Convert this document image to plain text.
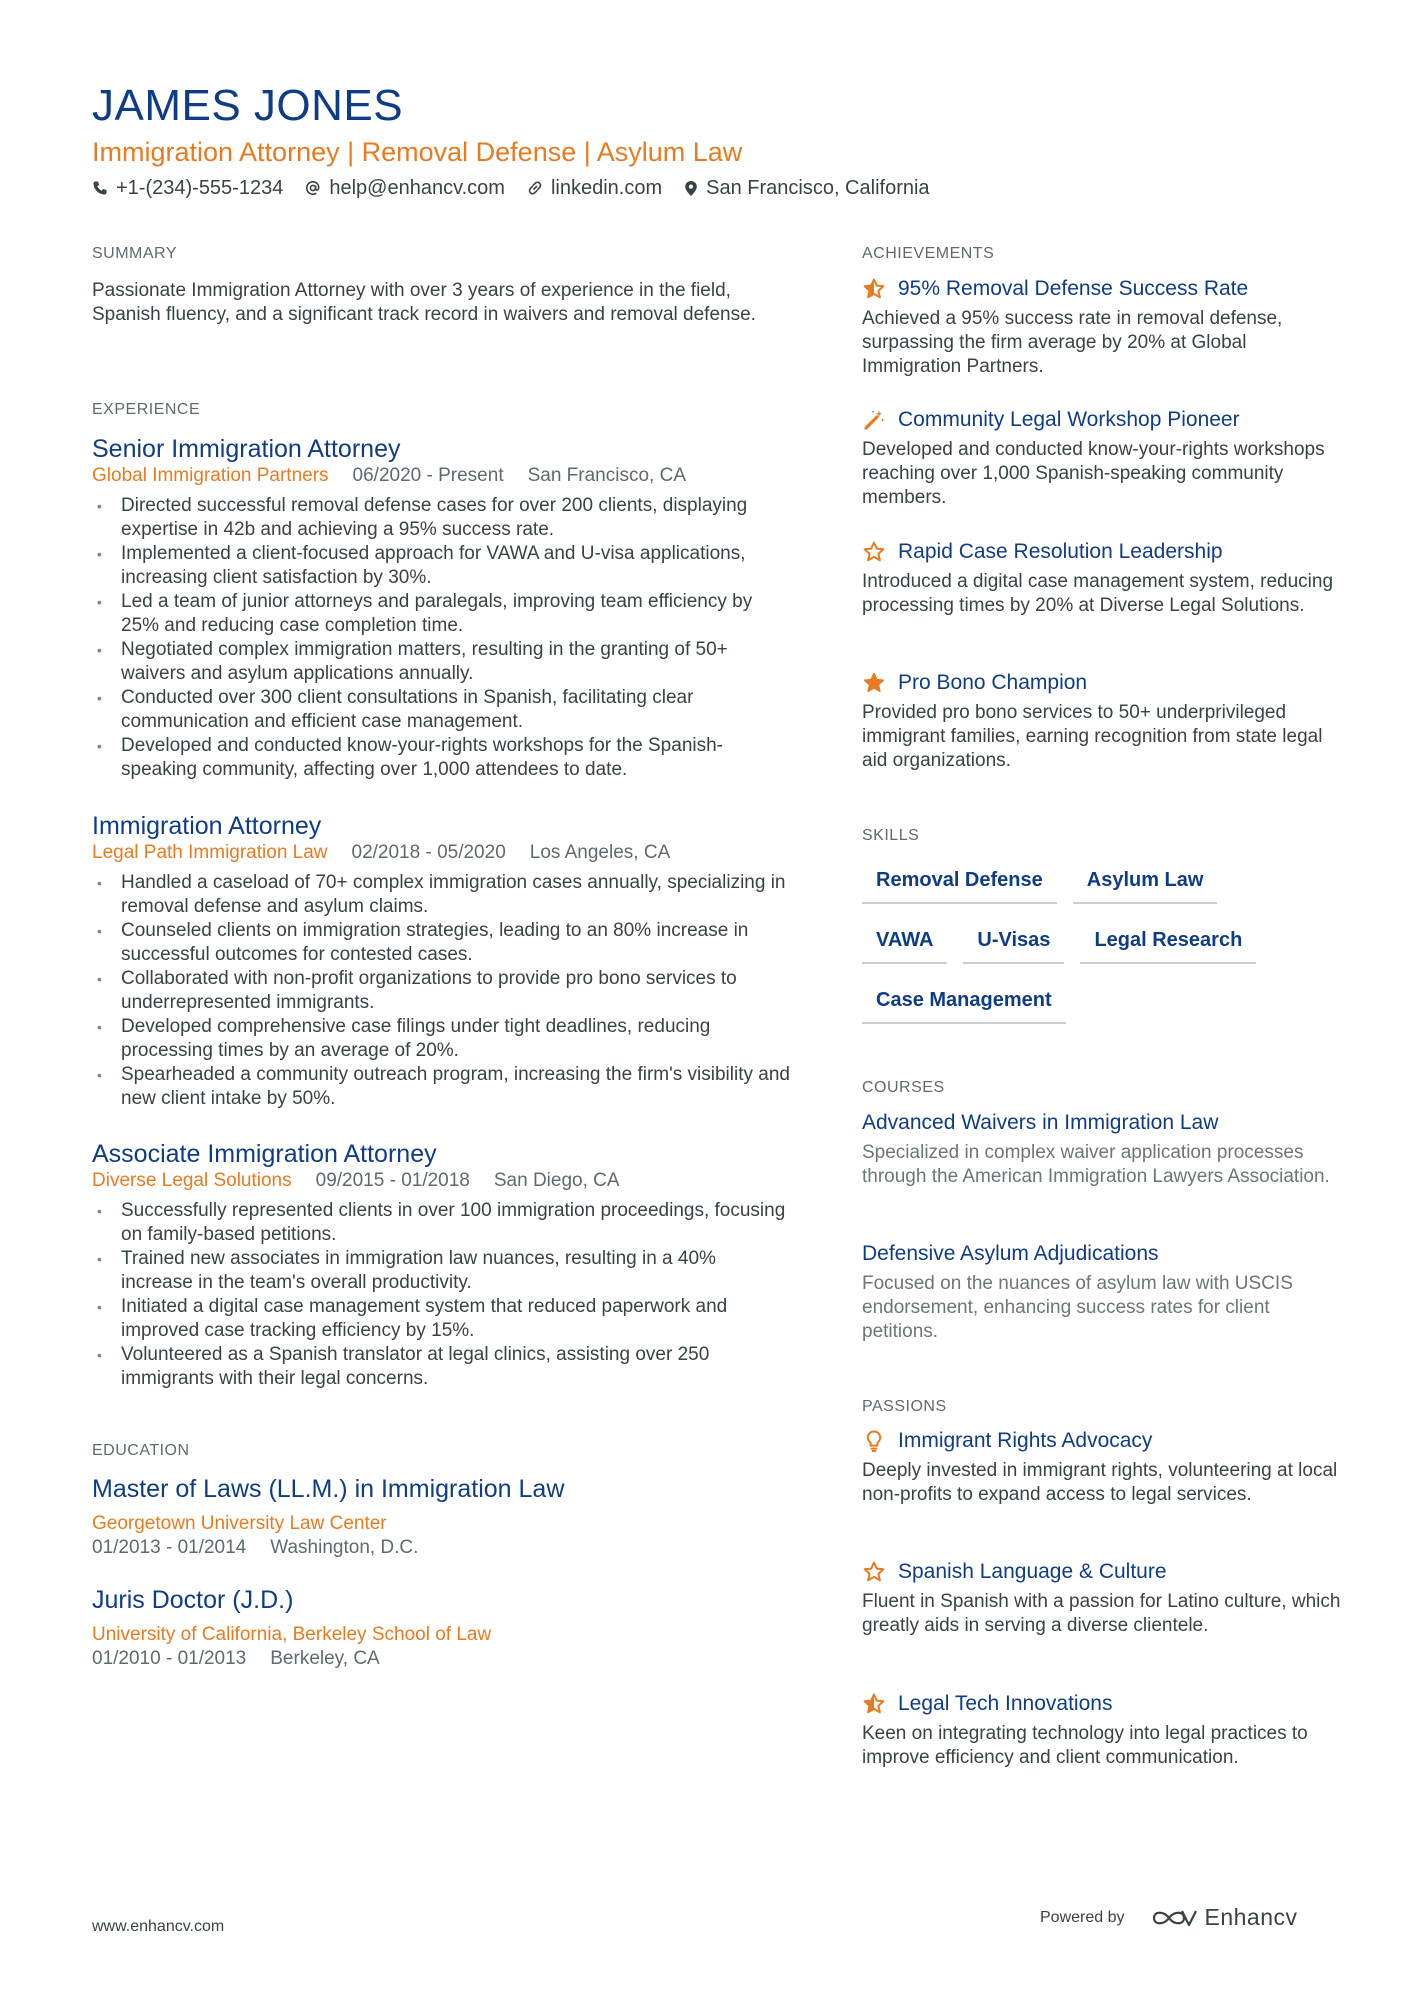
JAMES JONES
Immigration Attorney | Removal Defense | Asylum Law
+1-(234)-555-1234 help@enhancv.com linkedin.com San Francisco, California
SUMMARY
Passionate Immigration Attorney with over 3 years of experience in the field, Spanish fluency, and a significant track record in waivers and removal defense.
EXPERIENCE
Senior Immigration Attorney
Global Immigration Partners 06/2020 - Present San Francisco, CA
• Directed successful removal defense cases for over 200 clients, displaying expertise in 42b and achieving a 95% success rate.
• Implemented a client-focused approach for VAWA and U-visa applications, increasing client satisfaction by 30%.
• Led a team of junior attorneys and paralegals, improving team efficiency by 25% and reducing case completion time.
• Negotiated complex immigration matters, resulting in the granting of 50+ waivers and asylum applications annually.
• Conducted over 300 client consultations in Spanish, facilitating clear communication and efficient case management.
• Developed and conducted know-your-rights workshops for the Spanish-speaking community, affecting over 1,000 attendees to date.
Immigration Attorney
Legal Path Immigration Law 02/2018 - 05/2020 Los Angeles, CA
• Handled a caseload of 70+ complex immigration cases annually, specializing in removal defense and asylum claims.
• Counseled clients on immigration strategies, leading to an 80% increase in successful outcomes for contested cases.
• Collaborated with non-profit organizations to provide pro bono services to underrepresented immigrants.
• Developed comprehensive case filings under tight deadlines, reducing processing times by an average of 20%.
• Spearheaded a community outreach program, increasing the firm's visibility and new client intake by 50%.
Associate Immigration Attorney
Diverse Legal Solutions 09/2015 - 01/2018 San Diego, CA
• Successfully represented clients in over 100 immigration proceedings, focusing on family-based petitions.
• Trained new associates in immigration law nuances, resulting in a 40% increase in the team's overall productivity.
• Initiated a digital case management system that reduced paperwork and improved case tracking efficiency by 15%.
• Volunteered as a Spanish translator at legal clinics, assisting over 250 immigrants with their legal concerns.
EDUCATION
Master of Laws (LL.M.) in Immigration Law
Georgetown University Law Center
01/2013 - 01/2014 Washington, D.C.
Juris Doctor (J.D.)
University of California, Berkeley School of Law
01/2010 - 01/2013 Berkeley, CA
ACHIEVEMENTS
95% Removal Defense Success Rate
Achieved a 95% success rate in removal defense, surpassing the firm average by 20% at Global Immigration Partners.
Community Legal Workshop Pioneer
Developed and conducted know-your-rights workshops reaching over 1,000 Spanish-speaking community members.
Rapid Case Resolution Leadership
Introduced a digital case management system, reducing processing times by 20% at Diverse Legal Solutions.
Pro Bono Champion
Provided pro bono services to 50+ underprivileged immigrant families, earning recognition from state legal aid organizations.
SKILLS
Removal Defense	Asylum Law
VAWA	U-Visas	Legal Research
Case Management
COURSES
Advanced Waivers in Immigration Law
Specialized in complex waiver application processes through the American Immigration Lawyers Association.
Defensive Asylum Adjudications
Focused on the nuances of asylum law with USCIS endorsement, enhancing success rates for client petitions.
PASSIONS
Immigrant Rights Advocacy
Deeply invested in immigrant rights, volunteering at local non-profits to expand access to legal services.
Spanish Language & Culture
Fluent in Spanish with a passion for Latino culture, which greatly aids in serving a diverse clientele.
Legal Tech Innovations
Keen on integrating technology into legal practices to improve efficiency and client communication.
www.enhancv.com
Powered by	Enhancv
